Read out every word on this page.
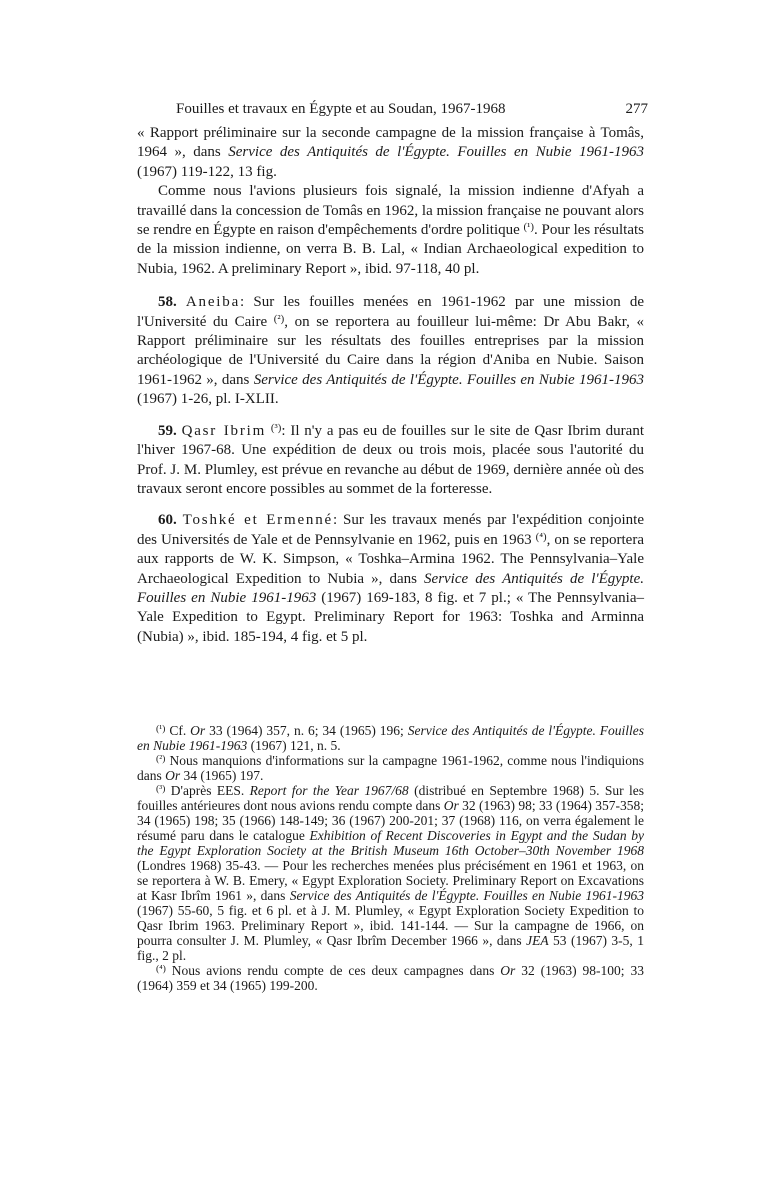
Fouilles et travaux en Égypte et au Soudan, 1967-1968	277

« Rapport préliminaire sur la seconde campagne de la mission française à Tomâs, 1964 », dans Service des Antiquités de l'Égypte. Fouilles en Nubie 1961-1963 (1967) 119-122, 13 fig.

Comme nous l'avions plusieurs fois signalé, la mission indienne d'Afyah a travaillé dans la concession de Tomâs en 1962, la mission française ne pouvant alors se rendre en Égypte en raison d'empêchements d'ordre politique $^{(^1)}$. Pour les résultats de la mission indienne, on verra B. B. Lal, « Indian Archaeological expedition to Nubia, 1962. A preliminary Report », ibid. 97-118, 40 pl.

58. Aneiba: Sur les fouilles menées en 1961-1962 par une mission de l'Université du Caire $^{(^2)}$, on se reportera au fouilleur lui-même: Dr Abu Bakr, « Rapport préliminaire sur les résultats des fouilles entreprises par la mission archéologique de l'Université du Caire dans la région d'Aniba en Nubie. Saison 1961-1962 », dans Service des Antiquités de l'Égypte. Fouilles en Nubie 1961-1963 (1967) 1-26, pl. I-XLII.

59. Qasr Ibrim $^{(^3)}$: Il n'y a pas eu de fouilles sur le site de Qasr Ibrim durant l'hiver 1967-68. Une expédition de deux ou trois mois, placée sous l'autorité du Prof. J. M. Plumley, est prévue en revanche au début de 1969, dernière année où des travaux seront encore possibles au sommet de la forteresse.

60. Toshké et Ermenné: Sur les travaux menés par l'expédition conjointe des Universités de Yale et de Pennsylvanie en 1962, puis en 1963 $^{(^4)}$, on se reportera aux rapports de W. K. Simpson, « Toshka–Armina 1962. The Pennsylvania–Yale Archaeological Expedition to Nubia », dans Service des Antiquités de l'Égypte. Fouilles en Nubie 1961-1963 (1967) 169-183, 8 fig. et 7 pl.; « The Pennsylvania–Yale Expedition to Egypt. Preliminary Report for 1963: Toshka and Arminna (Nubia) », ibid. 185-194, 4 fig. et 5 pl.

$^{(^1)}$ Cf. Or 33 (1964) 357, n. 6; 34 (1965) 196; Service des Antiquités de l'Égypte. Fouilles en Nubie 1961-1963 (1967) 121, n. 5.

$^{(^2)}$ Nous manquions d'informations sur la campagne 1961-1962, comme nous l'indiquions dans Or 34 (1965) 197.

$^{(^3)}$ D'après EES. Report for the Year 1967/68 (distribué en Septembre 1968) 5. Sur les fouilles antérieures dont nous avions rendu compte dans Or 32 (1963) 98; 33 (1964) 357-358; 34 (1965) 198; 35 (1966) 148-149; 36 (1967) 200-201; 37 (1968) 116, on verra également le résumé paru dans le catalogue Exhibition of Recent Discoveries in Egypt and the Sudan by the Egypt Exploration Society at the British Museum 16th October–30th November 1968 (Londres 1968) 35-43. — Pour les recherches menées plus précisément en 1961 et 1963, on se reportera à W. B. Emery, « Egypt Exploration Society. Preliminary Report on Excavations at Kasr Ibrîm 1961 », dans Service des Antiquités de l'Égypte. Fouilles en Nubie 1961-1963 (1967) 55-60, 5 fig. et 6 pl. et à J. M. Plumley, « Egypt Exploration Society Expedition to Qasr Ibrim 1963. Preliminary Report », ibid. 141-144. — Sur la campagne de 1966, on pourra consulter J. M. Plumley, « Qasr Ibrîm December 1966 », dans JEA 53 (1967) 3-5, 1 fig., 2 pl.

$^{(^4)}$ Nous avions rendu compte de ces deux campagnes dans Or 32 (1963) 98-100; 33 (1964) 359 et 34 (1965) 199-200.
